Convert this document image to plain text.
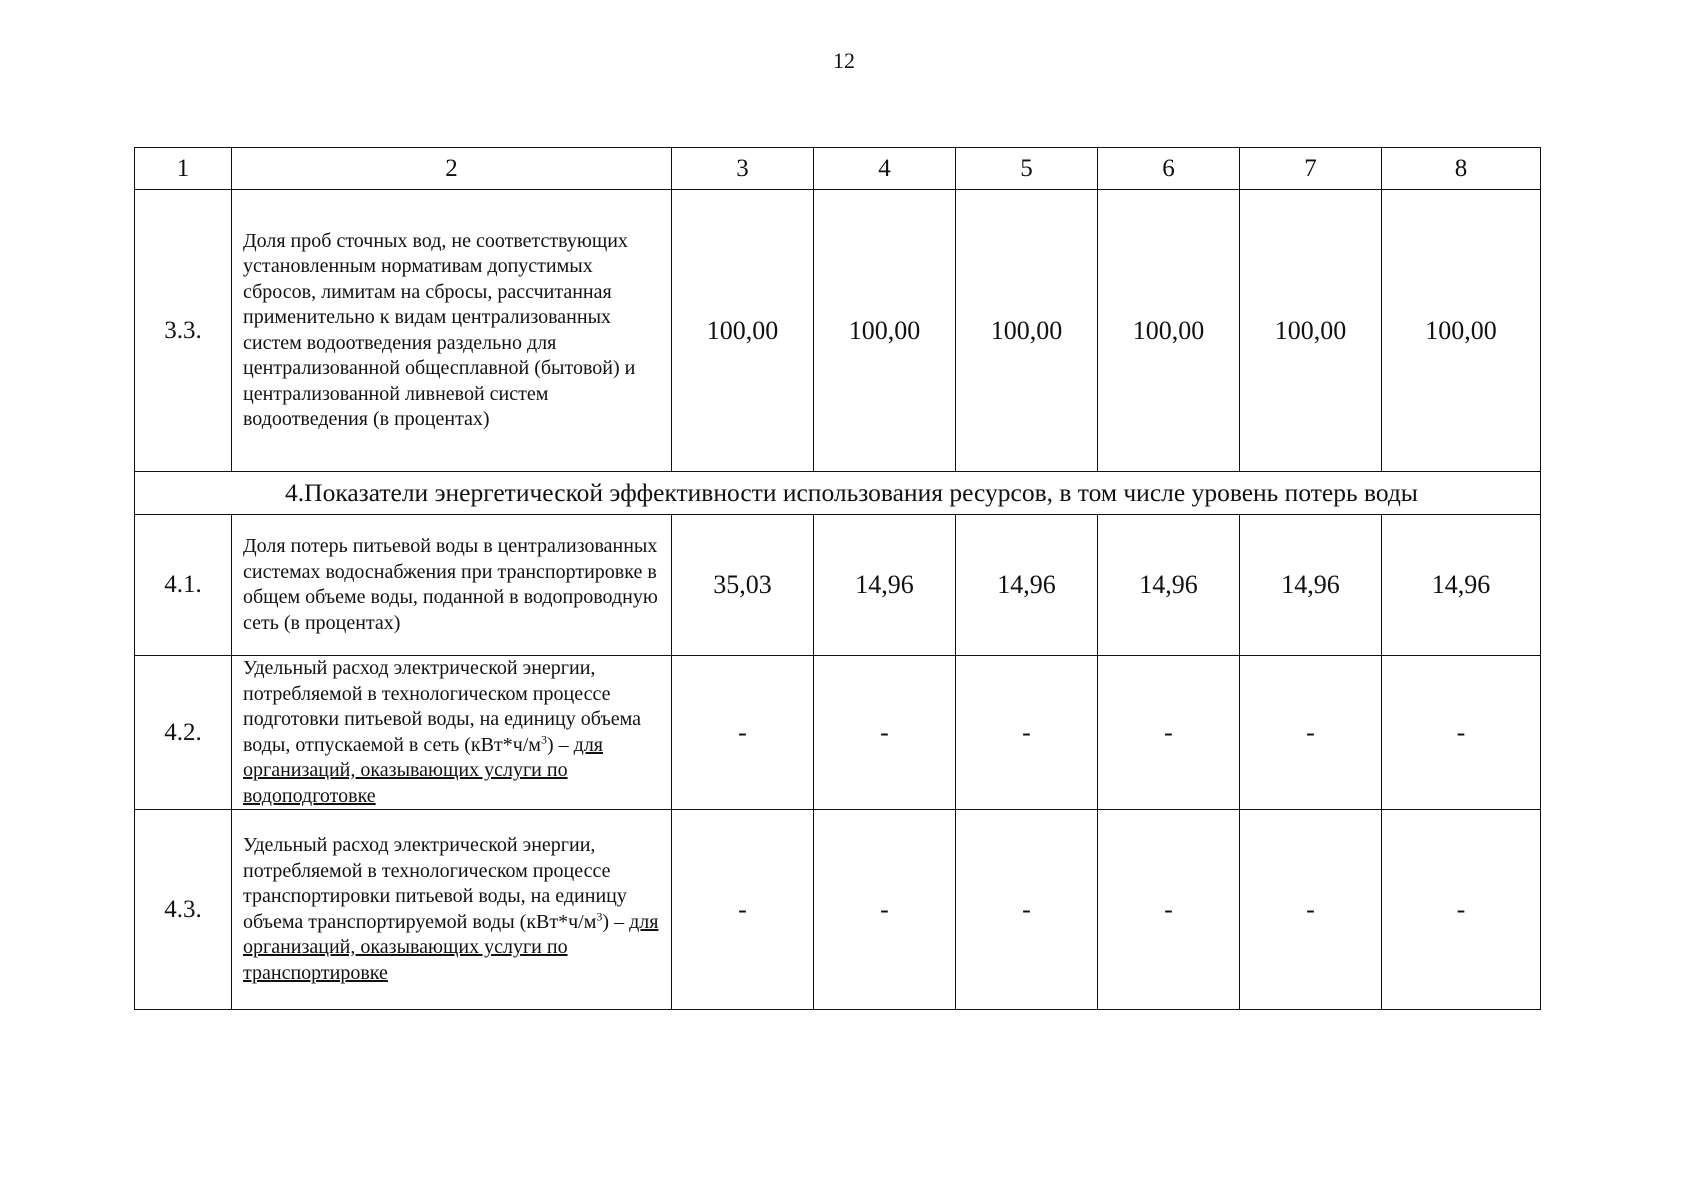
12
1	2	3	4	5	6	7	8
3.3.	Доля проб сточных вод, не соответствующих установленным нормативам допустимых сбросов, лимитам на сбросы, рассчитанная применительно к видам централизованных систем водоотведения раздельно для централизованной общесплавной (бытовой) и централизованной ливневой систем водоотведения (в процентах)	100,00	100,00	100,00	100,00	100,00	100,00
4.Показатели энергетической эффективности использования ресурсов, в том числе уровень потерь воды							
4.1.	Доля потерь питьевой воды в централизованных системах водоснабжения при транспортировке в общем объеме воды, поданной в водопроводную сеть (в процентах)	35,03	14,96	14,96	14,96	14,96	14,96
4.2.	Удельный расход электрической энергии, потребляемой в технологическом процессе подготовки питьевой воды, на единицу объема воды, отпускаемой в сеть $(кВт*ч/м^3)$ – для организаций, оказывающих услуги по водоподготовке	-	-	-	-	-	-
4.3.	Удельный расход электрической энергии, потребляемой в технологическом процессе транспортировки питьевой воды, на единицу объема транспортируемой воды $(кВт*ч/м^3)$ – для организаций, оказывающих услуги по транспортировке	-	-	-	-	-	-
